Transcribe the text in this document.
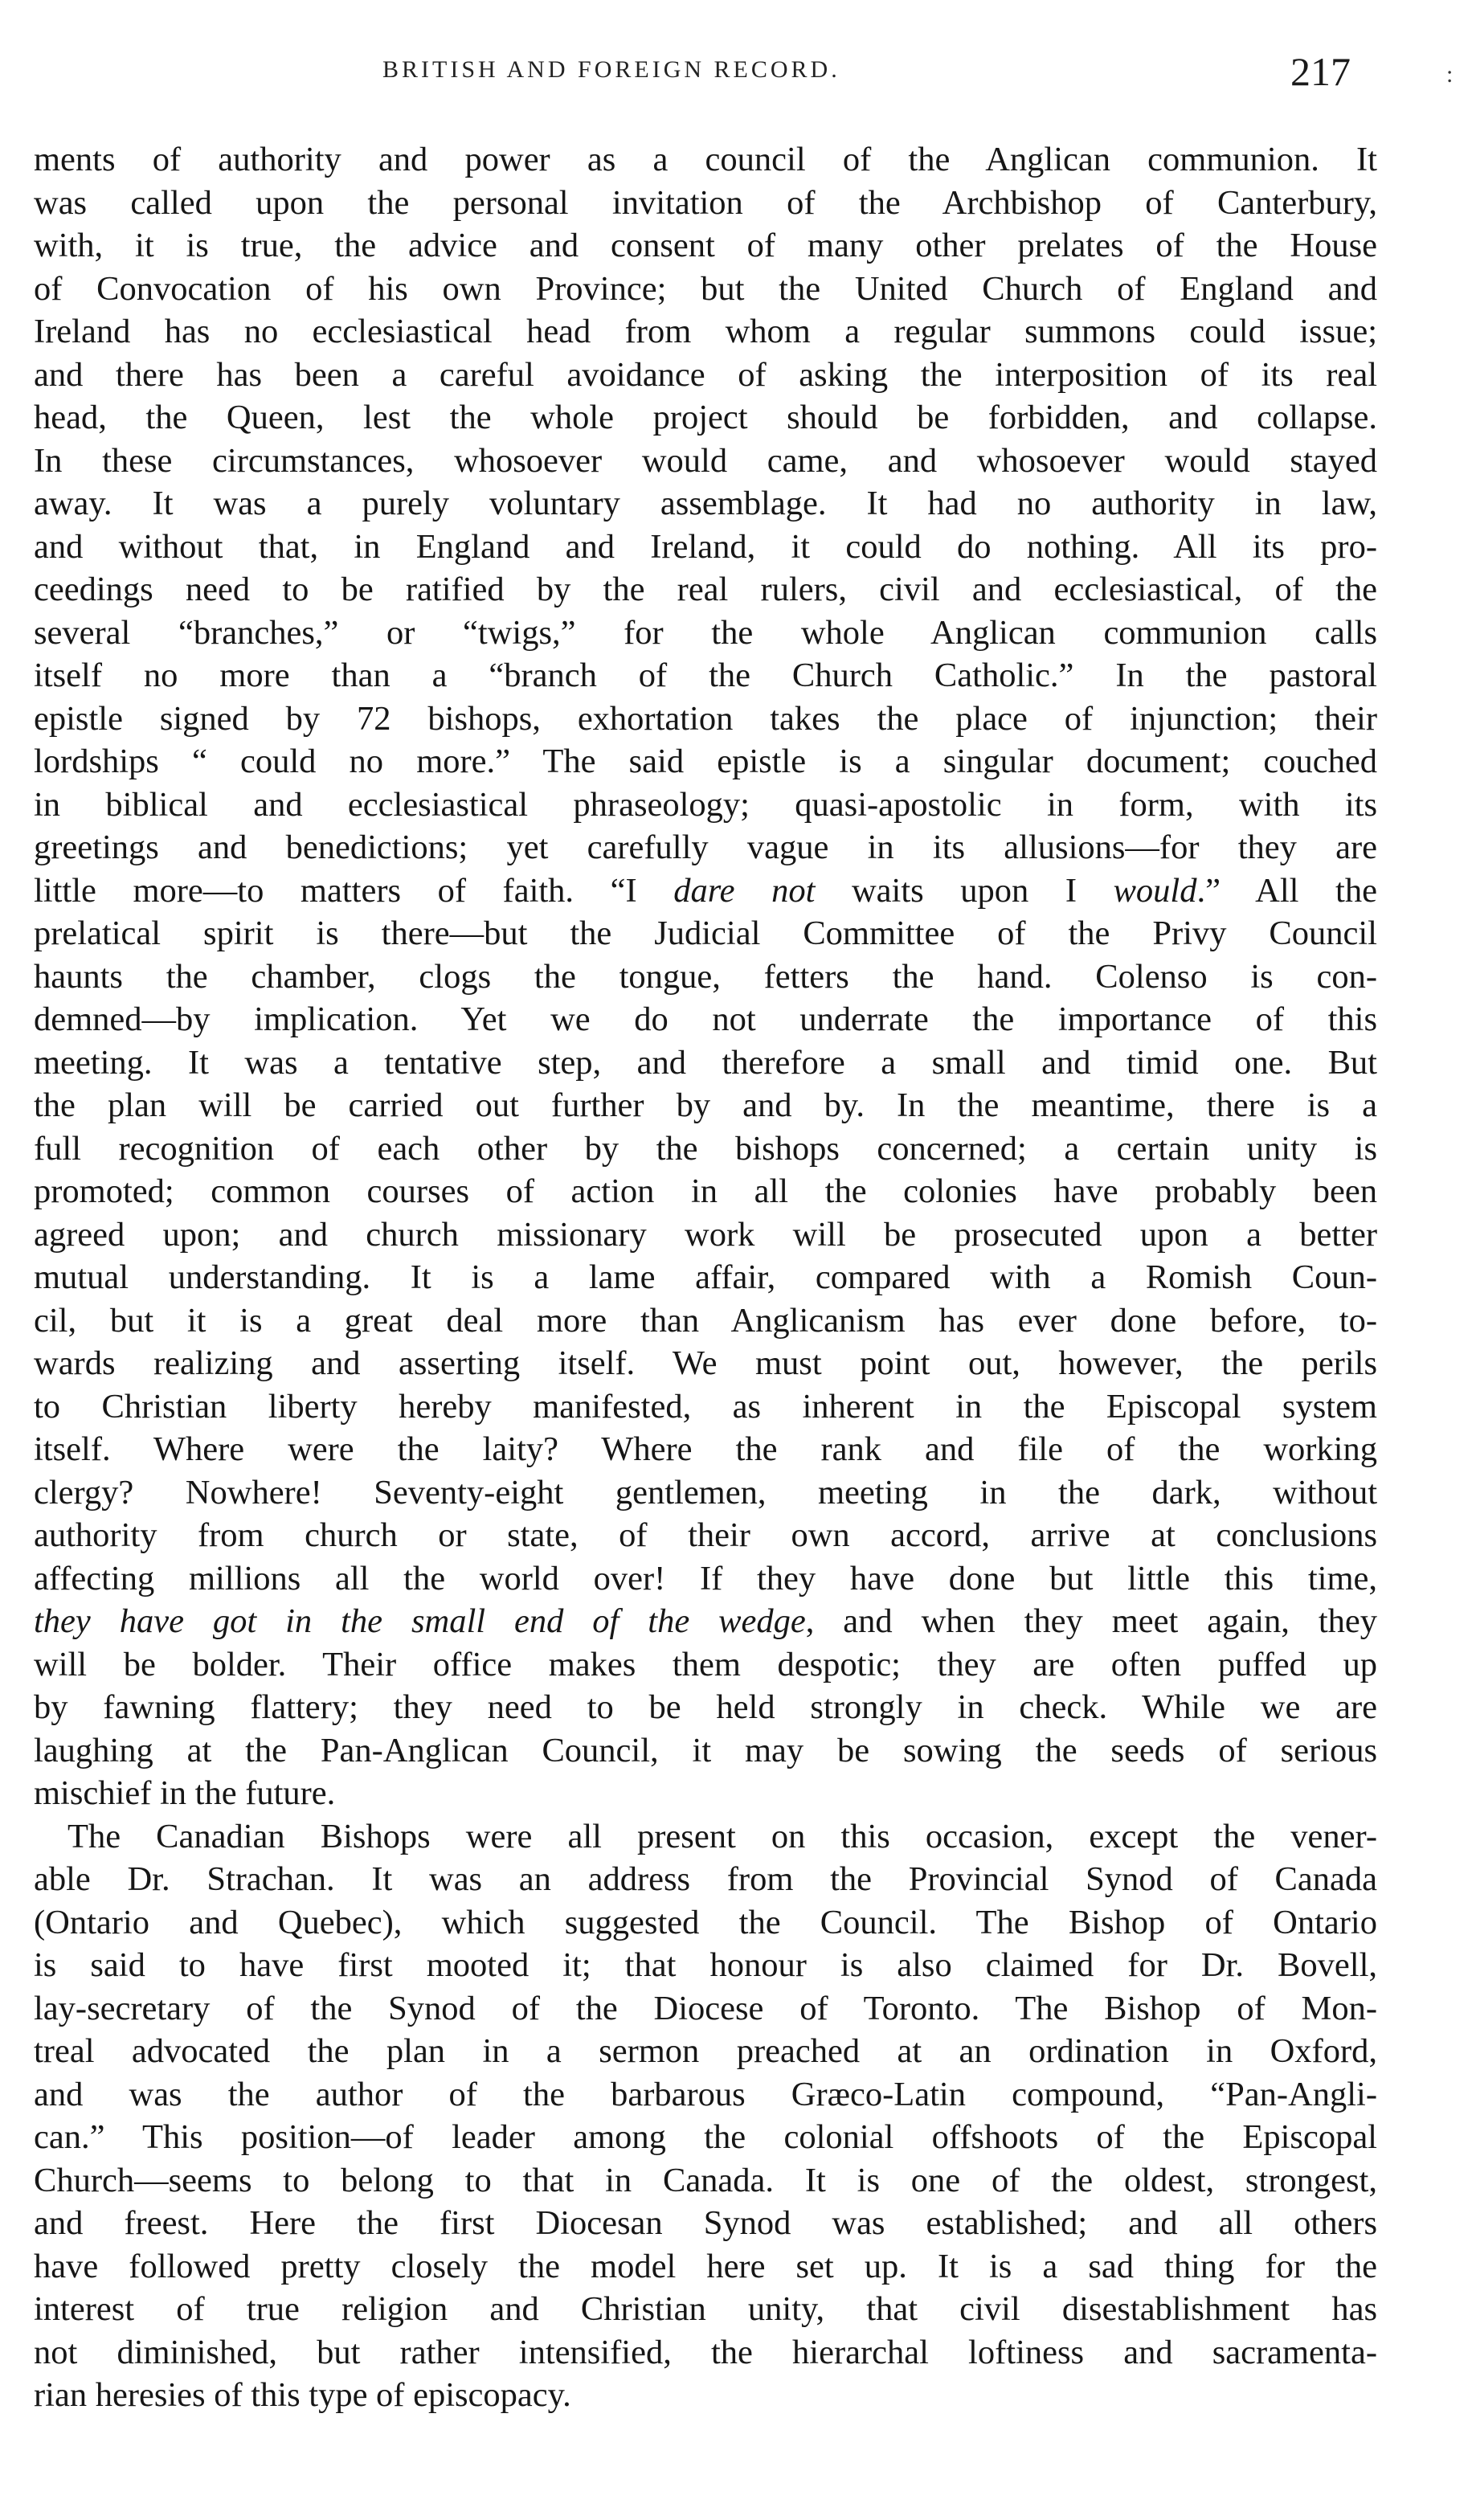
BRITISH AND FOREIGN RECORD.	217	:
ments of authority and power as a council of the Anglican communion. It
was called upon the personal invitation of the Archbishop of Canterbury,
with, it is true, the advice and consent of many other prelates of the House
of Convocation of his own Province; but the United Church of England and
Ireland has no ecclesiastical head from whom a regular summons could issue;
and there has been a careful avoidance of asking the interposition of its real
head, the Queen, lest the whole project should be forbidden, and collapse.
In these circumstances, whosoever would came, and whosoever would stayed
away. It was a purely voluntary assemblage. It had no authority in law,
and without that, in England and Ireland, it could do nothing. All its pro-
ceedings need to be ratified by the real rulers, civil and ecclesiastical, of the
several “branches,” or “twigs,” for the whole Anglican communion calls
itself no more than a “branch of the Church Catholic.” In the pastoral
epistle signed by 72 bishops, exhortation takes the place of injunction; their
lordships “ could no more.” The said epistle is a singular document; couched
in biblical and ecclesiastical phraseology; quasi-apostolic in form, with its
greetings and benedictions; yet carefully vague in its allusions—for they are
little more—to matters of faith. “I dare not waits upon I would.” All the
prelatical spirit is there—but the Judicial Committee of the Privy Council
haunts the chamber, clogs the tongue, fetters the hand. Colenso is con-
demned—by implication. Yet we do not underrate the importance of this
meeting. It was a tentative step, and therefore a small and timid one. But
the plan will be carried out further by and by. In the meantime, there is a
full recognition of each other by the bishops concerned; a certain unity is
promoted; common courses of action in all the colonies have probably been
agreed upon; and church missionary work will be prosecuted upon a better
mutual understanding. It is a lame affair, compared with a Romish Coun-
cil, but it is a great deal more than Anglicanism has ever done before, to-
wards realizing and asserting itself. We must point out, however, the perils
to Christian liberty hereby manifested, as inherent in the Episcopal system
itself. Where were the laity? Where the rank and file of the working
clergy? Nowhere! Seventy-eight gentlemen, meeting in the dark, without
authority from church or state, of their own accord, arrive at conclusions
affecting millions all the world over! If they have done but little this time,
they have got in the small end of the wedge, and when they meet again, they
will be bolder. Their office makes them despotic; they are often puffed up
by fawning flattery; they need to be held strongly in check. While we are
laughing at the Pan-Anglican Council, it may be sowing the seeds of serious
mischief in the future.
The Canadian Bishops were all present on this occasion, except the vener-
able Dr. Strachan. It was an address from the Provincial Synod of Canada
(Ontario and Quebec), which suggested the Council. The Bishop of Ontario
is said to have first mooted it; that honour is also claimed for Dr. Bovell,
lay-secretary of the Synod of the Diocese of Toronto. The Bishop of Mon-
treal advocated the plan in a sermon preached at an ordination in Oxford,
and was the author of the barbarous Græco-Latin compound, “Pan-Angli-
can.” This position—of leader among the colonial offshoots of the Episcopal
Church—seems to belong to that in Canada. It is one of the oldest, strongest,
and freest. Here the first Diocesan Synod was established; and all others
have followed pretty closely the model here set up. It is a sad thing for the
interest of true religion and Christian unity, that civil disestablishment has
not diminished, but rather intensified, the hierarchal loftiness and sacramenta-
rian heresies of this type of episcopacy.
